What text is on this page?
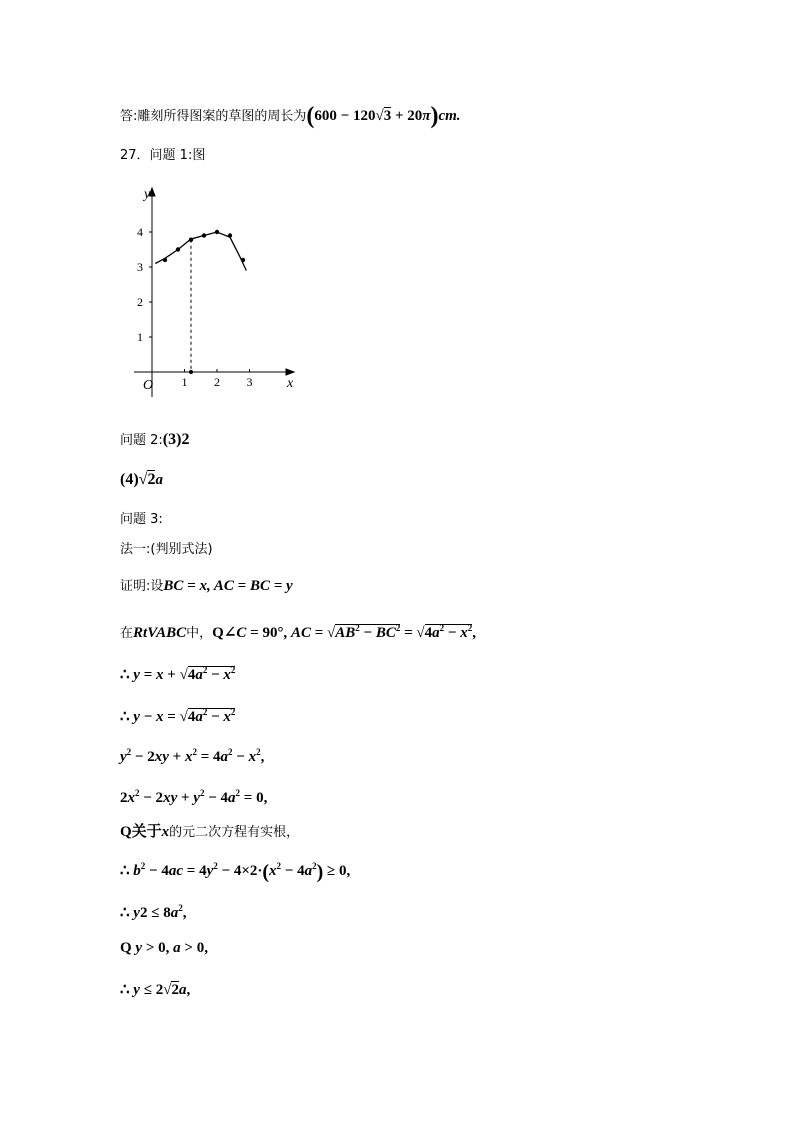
答:雕刻所得图案的草图的周长为(600 − 120√3 + 20π)cm.
27．问题 1:图
1
2
3
4
1 2 3
O	x
y
问题 2:(3)2
(4)√2a
问题 3:
法一:(判别式法)
证明:设BC = x, AC = BC = y
在RtVABC中，Q∠C = 90°, AC = $√AB^2 - BC^2 = √4a^2 - x^2$,
∴ $y = x + √4a^2 - x^2$
∴ $y - x = √4a^2 - x^2$
$y^2 - 2xy + x^2 = 4a^2 - x^2$,
$2x^2 - 2xy + y^2 - 4a^2 = 0$,
Q关于x的元二次方程有实根，
∴ $b^2 - 4ac = 4y^2 - 4\times 2\cdot(x^2 - 4a^2) \ge 0$,
∴ $y2 \le 8a^2$,
Q y > 0, a > 0,
∴ y ≤ 2√2a,
